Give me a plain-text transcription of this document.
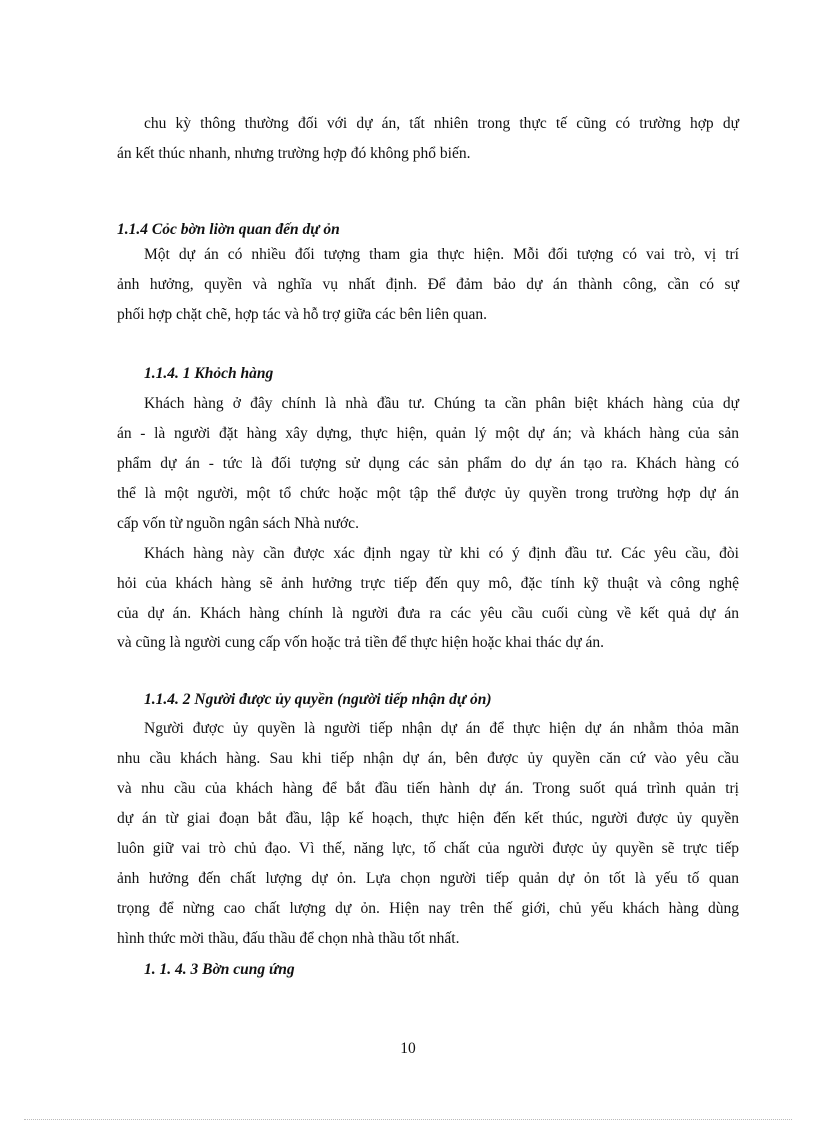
chu kỳ thông thường đối với dự án, tất nhiên trong thực tế cũng có trường hợp dự
án kết thúc nhanh, nhưng trường hợp đó không phổ biến.
1.1.4 Cỏc bờn liờn quan đến dự ỏn
Một dự án có nhiều đối tượng tham gia thực hiện. Mỗi đối tượng có vai trò, vị trí
ảnh hưởng, quyền và nghĩa vụ nhất định. Để đảm bảo dự án thành công, cần có sự
phối hợp chặt chẽ, hợp tác và hỗ trợ giữa các bên liên quan.
1.1.4. 1 Khỏch hàng
Khách hàng ở đây chính là nhà đầu tư. Chúng ta cần phân biệt khách hàng của dự
án - là người đặt hàng xây dựng, thực hiện, quản lý một dự án; và khách hàng của sản
phẩm dự án - tức là đối tượng sử dụng các sản phẩm do dự án tạo ra. Khách hàng có
thể là một người, một tổ chức hoặc một tập thể được ủy quyền trong trường hợp dự án
cấp vốn từ nguồn ngân sách Nhà nước.
Khách hàng này cần được xác định ngay từ khi có ý định đầu tư. Các yêu cầu, đòi
hỏi của khách hàng sẽ ảnh hưởng trực tiếp đến quy mô, đặc tính kỹ thuật và công nghệ
của dự án. Khách hàng chính là người đưa ra các yêu cầu cuối cùng về kết quả dự án
và cũng là người cung cấp vốn hoặc trả tiền để thực hiện hoặc khai thác dự án.
1.1.4. 2 Người được ủy quyền (người tiếp nhận dự ỏn)
Người được ủy quyền là người tiếp nhận dự án để thực hiện dự án nhằm thỏa mãn
nhu cầu khách hàng. Sau khi tiếp nhận dự án, bên được ủy quyền căn cứ vào yêu cầu
và nhu cầu của khách hàng để bắt đầu tiến hành dự án. Trong suốt quá trình quản trị
dự án từ giai đoạn bắt đầu, lập kế hoạch, thực hiện đến kết thúc, người được ủy quyền
luôn giữ vai trò chủ đạo. Vì thế, năng lực, tố chất của người được ủy quyền sẽ trực tiếp
ảnh hưởng đến chất lượng dự ỏn. Lựa chọn người tiếp quản dự ỏn tốt là yếu tố quan
trọng để nừng cao chất lượng dự ỏn. Hiện nay trên thế giới, chủ yếu khách hàng dùng
hình thức mời thầu, đấu thầu để chọn nhà thầu tốt nhất.
1. 1. 4. 3 Bờn cung ứng
10
